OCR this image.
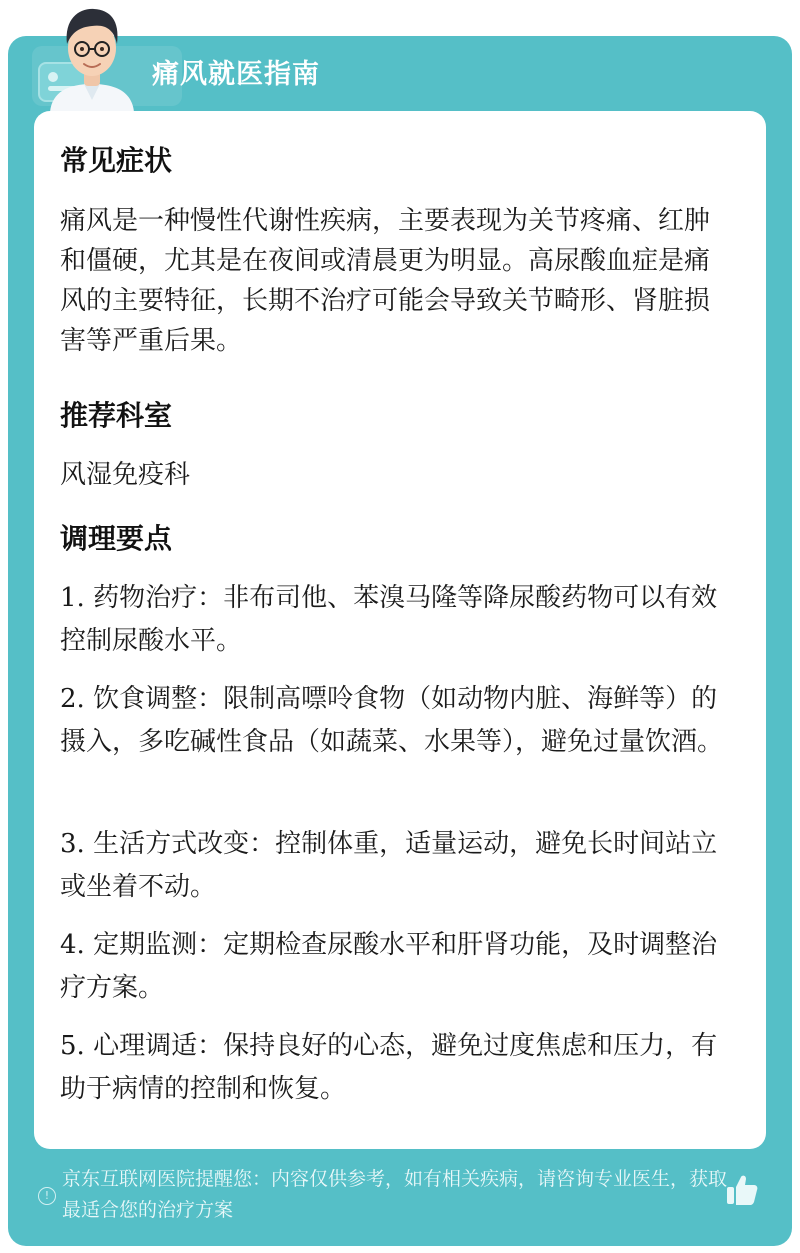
痛风就医指南
常见症状
痛风是一种慢性代谢性疾病，主要表现为关节疼痛、红肿和僵硬，尤其是在夜间或清晨更为明显。高尿酸血症是痛风的主要特征，长期不治疗可能会导致关节畸形、肾脏损害等严重后果。
推荐科室
风湿免疫科
调理要点
1. 药物治疗：非布司他、苯溴马隆等降尿酸药物可以有效控制尿酸水平。
2. 饮食调整：限制高嘌呤食物（如动物内脏、海鲜等）的摄入，多吃碱性食品（如蔬菜、水果等），避免过量饮酒。
3. 生活方式改变：控制体重，适量运动，避免长时间站立或坐着不动。
4. 定期监测：定期检查尿酸水平和肝肾功能，及时调整治疗方案。
5. 心理调适：保持良好的心态，避免过度焦虑和压力，有助于病情的控制和恢复。
!
京东互联网医院提醒您：内容仅供参考，如有相关疾病，请咨询专业医生，获取最适合您的治疗方案
